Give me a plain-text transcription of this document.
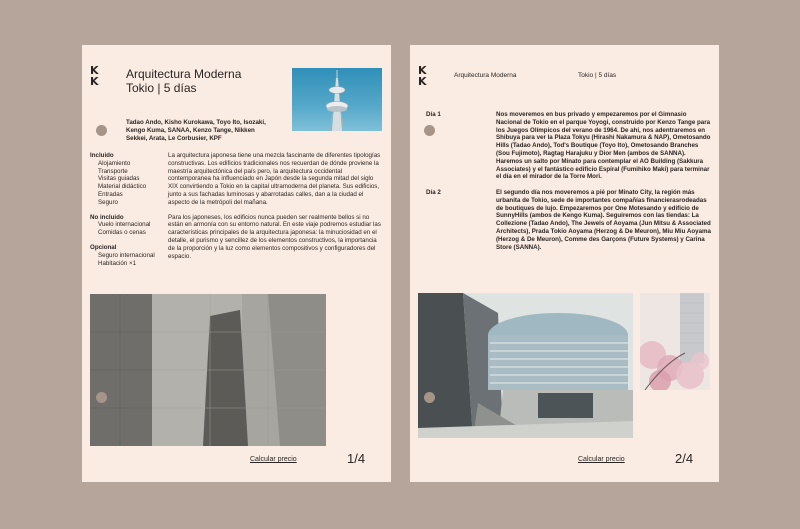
K
K
Arquitectura Moderna
Tokio | 5 días
Tadao Ando, Kisho Kurokawa, Toyo Ito, Isozaki, Kengo Kuma, SANAA, Kenzo Tange, Nikken Sekkei, Arata, Le Corbusier, KPF
Incluido
Alojamiento
Transporte
Visitas guiadas
Material didáctico
Entradas
Seguro
No incluido
Vuelo internacional
Comidas o cenas
Opcional
Seguro internacional
Habitación ×1

La arquitectura japonesa tiene una mezcla fascinante de diferentes tipologías constructivas. Los edificios tradicionales nos recuerdan de dónde proviene la maestría arquitectónica del país pero, la arquitectura occidental contemporanea ha influenciado en Japón desde la segunda mitad del siglo XIX convirtiendo a Tokio en la capital ultramoderna del planeta. Sus edificios, junto a sus fachadas luminosas y abarrotadas calles, dan a la ciudad el aspecto de la metrópoli del mañana.

Para los japoneses, los edificios nunca pueden ser realmente bellos si no están en armonía con su entorno natural. En este viaje podremos estudiar las características principales de la arquitectura japonesa: la minuciosidad en el detalle, el purismo y sencillez de los elementos constructivos, la importancia de la proporción y la luz como elementos compositivos y configuradores del espacio.

Calcular precio	1/4
K
K	Arquitectura Moderna	Tokio | 5 días
Día 1	Nos moveremos en bus privado y empezaremos por el Gimnasio Nacional de Tokio en el parque Yoyogi, construido por Kenzo Tange para los Juegos Olímpicos del verano de 1964. De ahí, nos adentraremos en Shibuya para ver la Plaza Tokyu (Hirashi Nakamura & NAP), Ometosando Hills (Tadao Ando), Tod's Boutique (Toyo Ito), Ometosando Branches (Sou Fujimoto), Ragtag Harajuku y Dior Men (ambos de SANNA). Haremos un salto por Minato para contemplar el AO Building (Sakkura Associates) y el fantástico edificio Espiral (Fumihiko Maki) para terminar el día en el mirador de la Torre Mori.
Día 2	El segundo día nos moveremos a pié por Minato City, la región más urbanita de Tokio, sede de importantes compañías financierasrodeadas de boutiques de lujo. Empezaremos por One Motesando y edificio de SunnyHills (ambos de Kengo Kuma). Seguiremos con las tiendas: La Collezione (Tadao Ando), The Jewels of Aoyama (Jun Mitsu & Associated Architects), Prada Tokio Aoyama (Herzog & De Meuron), Miu Miu Aoyama (Herzog & De Meuron), Comme des Garçons (Future Systems) y Carina Store (SANNA).
Calcular precio	2/4
